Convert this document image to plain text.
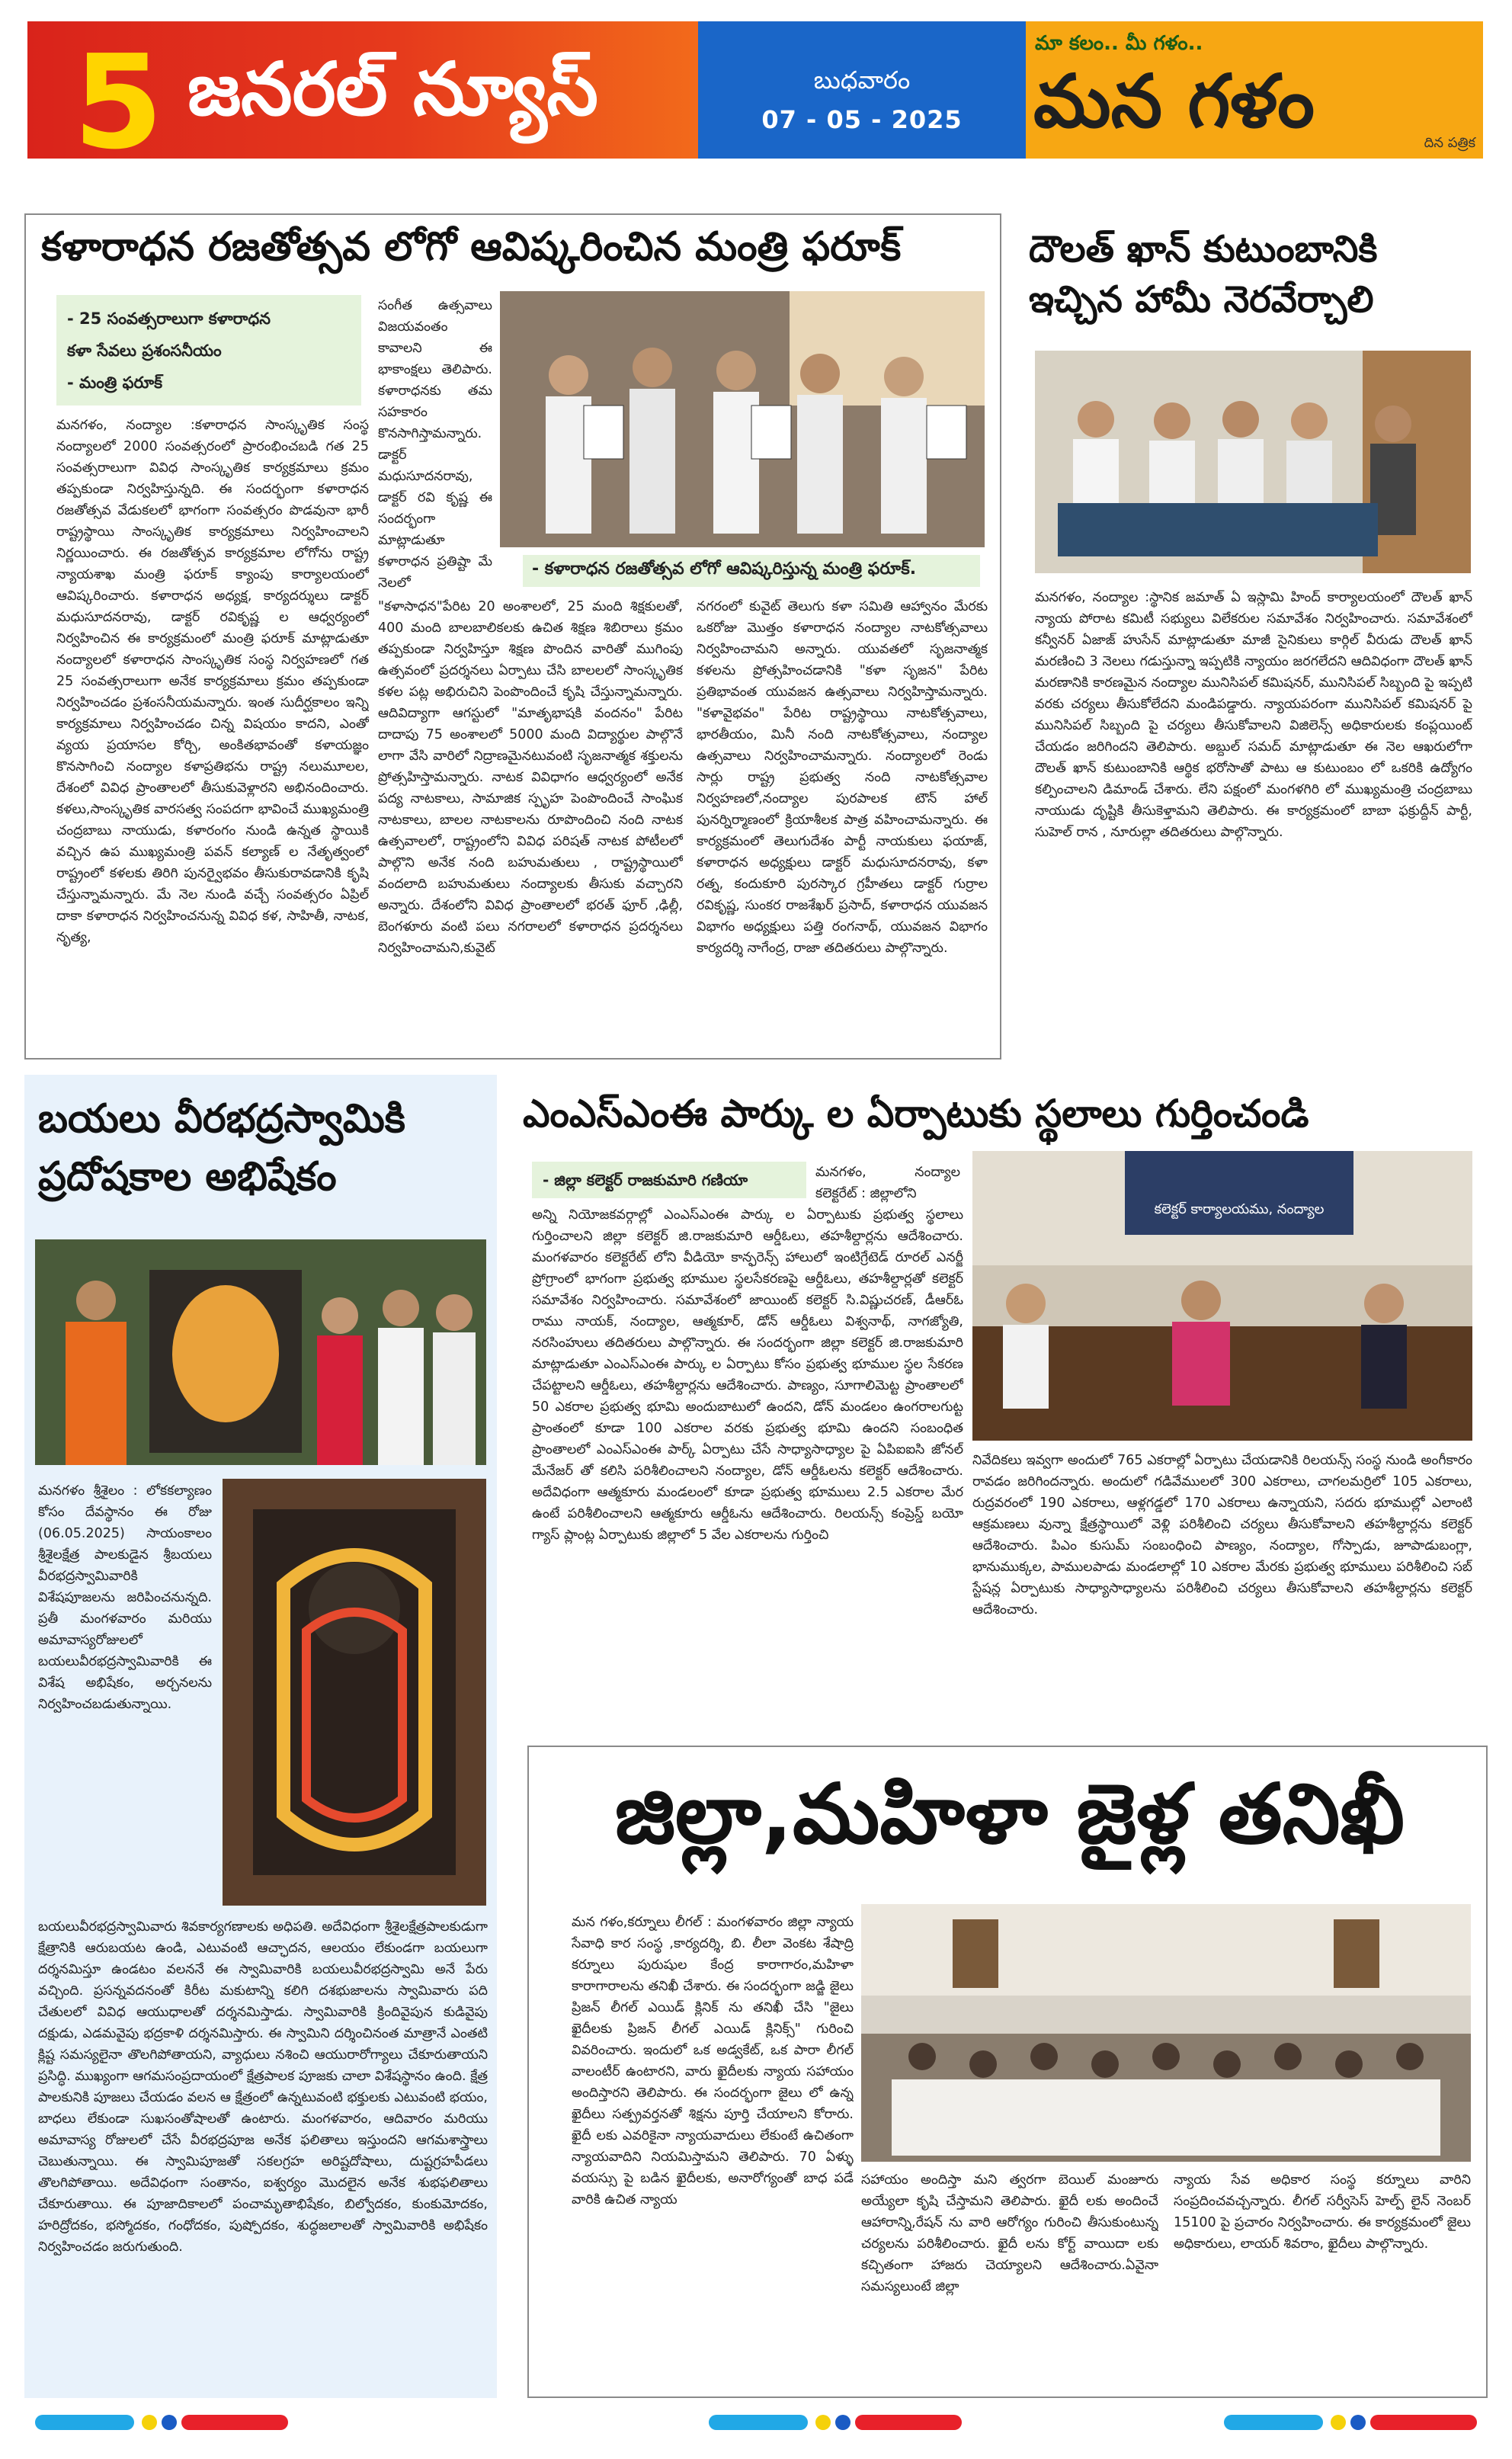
5 జనరల్ న్యూస్	బుధవారం
07 - 05 - 2025
మా కలం.. మీ గళం..
మన గళం	దిన పత్రిక
కళారాధన రజతోత్సవ లోగో ఆవిష్కరించిన మంత్రి ఫరూక్
- 25 సంవత్సరాలుగా కళారాధన
కళా సేవలు ప్రశంసనీయం
- మంత్రి ఫరూక్
మనగళం, నంద్యాల :కళారాధన సాంస్కృతిక సంస్థ నంద్యాలలో 2000 సంవత్సరంలో ప్రారంభించబడి గత 25 సంవత్సరాలుగా వివిధ సాంస్కృతిక కార్యక్రమాలు క్రమం తప్పకుండా నిర్వహిస్తున్నది. ఈ సందర్భంగా కళారాధన రజతోత్సవ వేడుకలలో భాగంగా సంవత్సరం పొడవునా భారీ రాష్ట్రస్థాయి సాంస్కృతిక కార్యక్రమాలు నిర్వహించాలని నిర్ణయించారు. ఈ రజతోత్సవ కార్యక్రమాల లోగోను రాష్ట్ర న్యాయశాఖ మంత్రి ఫరూక్ క్యాంపు కార్యాలయంలో ఆవిష్కరించారు. కళారాధన అధ్యక్ష, కార్యదర్శులు డాక్టర్ మధుసూదనరావు, డాక్టర్ రవికృష్ణ ల ఆధ్వర్యంలో నిర్వహించిన ఈ కార్యక్రమంలో మంత్రి ఫరూక్ మాట్లాడుతూ నంద్యాలలో కళారాధన సాంస్కృతిక సంస్థ నిర్వహణలో గత 25 సంవత్సరాలుగా అనేక కార్యక్రమాలు క్రమం తప్పకుండా నిర్వహించడం ప్రశంసనీయమన్నారు. ఇంత సుదీర్ఘకాలం ఇన్ని కార్యక్రమాలు నిర్వహించడం చిన్న విషయం కాదని, ఎంతో వ్యయ ప్రయాసల కోర్చి, అంకితభావంతో కళాయజ్ఞం కొనసాగించి నంద్యాల కళాప్రతిభను రాష్ట్ర నలుమూలల, దేశంలో వివిధ ప్రాంతాలలో తీసుకువెళ్లారని అభినందించారు. కళలు,సాంస్కృతిక వారసత్వ సంపదగా భావించే ముఖ్యమంత్రి చంద్రబాబు నాయుడు, కళారంగం నుండి ఉన్నత స్థాయికి వచ్చిన ఉప ముఖ్యమంత్రి పవన్ కల్యాణ్ ల నేతృత్వంలో రాష్ట్రంలో కళలకు తిరిగి పునర్వైభవం తీసుకురావడానికి కృషి చేస్తున్నామన్నారు. మే నెల నుండి వచ్చే సంవత్సరం ఏప్రిల్ దాకా కళారాధన నిర్వహించనున్న వివిధ కళ, సాహితీ, నాటక, నృత్య,
సంగీత ఉత్సవాలు విజయవంతం కావాలని ఈ భాకాంక్షలు తెలిపారు. కళారాధనకు తమ సహకారం కొనసాగిస్తామన్నారు. డాక్టర్ మధుసూదనరావు, డాక్టర్ రవి కృష్ణ ఈ సందర్భంగా మాట్లాడుతూ కళారాధన ప్రతిష్టా మే నెలలో
- కళారాధన రజతోత్సవ లోగో ఆవిష్కరిస్తున్న మంత్రి ఫరూక్.
"కళాసాధన"పేరిట 20 అంశాలలో, 25 మంది శిక్షకులతో, 400 మంది బాలబాలికలకు ఉచిత శిక్షణ శిబిరాలు క్రమం తప్పకుండా నిర్వహిస్తూ శిక్షణ పొందిన వారితో ముగింపు ఉత్సవంలో ప్రదర్శనలు ఏర్పాటు చేసి బాలలలో సాంస్కృతిక కళల పట్ల అభిరుచిని పెంపొందించే కృషి చేస్తున్నామన్నారు. ఆదివిద్యాగా ఆగస్టులో "మాతృభాషకి వందనం" పేరిట దాదాపు 75 అంశాలలో 5000 మంది విద్యార్థుల పాల్గొనే లాగా వేసి వారిలో నిద్రాణమైనటువంటి సృజనాత్మక శక్తులను ప్రోత్సహిస్తామన్నారు. నాటక వివిధాగం ఆధ్వర్యంలో అనేక పద్య నాటకాలు, సామాజిక స్పృహ పెంపొందించే సాంఘిక నాటకాలు, బాలల నాటకాలను రూపొందించి నంది నాటక ఉత్సవాలలో, రాష్ట్రంలోని వివిధ పరిషత్ నాటక పోటీలలో పాల్గొని అనేక నంది బహుమతులు , రాష్ట్రస్థాయిలో వందలాది బహుమతులు నంద్యాలకు తీసుకు వచ్చారని అన్నారు. దేశంలోని వివిధ ప్రాంతాలలో భరత్ ఫూర్ ,ఢిల్లీ, బెంగళూరు వంటి పలు నగరాలలో కళారాధన ప్రదర్శనలు నిర్వహించామని,కువైట్
నగరంలో కువైట్ తెలుగు కళా సమితి ఆహ్వానం మేరకు ఒకరోజు మొత్తం కళారాధన నంద్యాల నాటకోత్సవాలు నిర్వహించామని అన్నారు. యువతలో సృజనాత్మక కళలను ప్రోత్సహించడానికి "కళా సృజన" పేరిట ప్రతిభావంత యువజన ఉత్సవాలు నిర్వహిస్తామన్నారు. "కళావైభవం" పేరిట రాష్ట్రస్థాయి నాటకోత్సవాలు, భారతీయం, మినీ నంది నాటకోత్సవాలు, నంద్యాల ఉత్సవాలు నిర్వహించామన్నారు. నంద్యాలలో రెండు సార్లు రాష్ట్ర ప్రభుత్వ నంది నాటకోత్సవాల నిర్వహణలో,నంద్యాల పురపాలక టౌన్ హాల్ పునర్నిర్మాణంలో క్రియాశీలక పాత్ర వహించామన్నారు. ఈ కార్యక్రమంలో తెలుగుదేశం పార్టీ నాయకులు ఫయాజ్, కళారాధన అధ్యక్షులు డాక్టర్ మధుసూదనరావు, కళా రత్న, కందుకూరి పురస్కార గ్రహీతలు డాక్టర్ గుర్రాల రవికృష్ణ, సుంకర రాజశేఖర్ ప్రసాద్, కళారాధన యువజన విభాగం అధ్యక్షులు పత్తి రంగనాథ్, యువజన విభాగం కార్యదర్శి నాగేంద్ర, రాజా తదితరులు పాల్గొన్నారు.
దౌలత్ ఖాన్ కుటుంబానికి ఇచ్చిన హామీ నెరవేర్చాలి
మనగళం, నంద్యాల :స్థానిక జమాత్ ఏ ఇస్లామి హింద్ కార్యాలయంలో దౌలత్ ఖాన్ న్యాయ పోరాట కమిటీ సభ్యులు విలేకరుల సమావేశం నిర్వహించారు. సమావేశంలో కన్వీనర్ ఏజాజ్ హుసేన్ మాట్లాడుతూ మాజీ సైనికులు కార్గిల్ వీరుడు దౌలత్ ఖాన్ మరణించి 3 నెలలు గడుస్తున్నా ఇప్పటికి న్యాయం జరగలేదని ఆదివిధంగా దౌలత్ ఖాన్ మరణానికి కారణమైన నంద్యాల మునిసిపల్ కమిషనర్, మునిసిపల్ సిబ్బంది పై ఇప్పటి వరకు చర్యలు తీసుకోలేదని మండిపడ్డారు. న్యాయపరంగా మునిసిపల్ కమిషనర్ పై మునిసిపల్ సిబ్బంది పై చర్యలు తీసుకోవాలని విజిలెన్స్ అధికారులకు కంప్లయింట్ చేయడం జరిగిందని తెలిపారు. అబ్దుల్ సమద్ మాట్లాడుతూ ఈ నెల ఆఖరులోగా దౌలత్ ఖాన్ కుటుంబానికి ఆర్థిక భరోసాతో పాటు ఆ కుటుంబం లో ఒకరికి ఉద్యోగం కల్పించాలని డిమాండ్ చేశారు. లేని పక్షంలో మంగళగిరి లో ముఖ్యమంత్రి చంద్రబాబు నాయుడు దృష్టికి తీసుకెళ్తామని తెలిపారు. ఈ కార్యక్రమంలో బాబా ఫక్రుద్దీన్ పార్టీ, సుహెల్ రాన , నూరుల్లా తదితరులు పాల్గొన్నారు.
బయలు వీరభద్రస్వామికి ప్రదోషకాల అభిషేకం
మనగళం శ్రీశైలం : లోకకల్యాణం కోసం దేవస్థానం ఈ రోజు (06.05.2025) సాయంకాలం శ్రీశైలక్షేత్ర పాలకుడైన శ్రీబయలు వీరభద్రస్వామివారికి విశేషపూజలను జరిపించనున్నది. ప్రతీ మంగళవారం మరియు అమావాస్యరోజులలో బయలువీరభద్రస్వామివారికి ఈ విశేష అభిషేకం, అర్చనలను నిర్వహించబడుతున్నాయి.
బయలువీరభద్రస్వామివారు శివకార్యగణాలకు అధిపతి. అదేవిధంగా శ్రీశైలక్షేత్రపాలకుడుగా క్షేత్రానికి ఆరుబయట ఉండి, ఎటువంటి ఆచ్ఛాదన, ఆలయం లేకుండగా బయలుగా దర్శనమిస్తూ ఉండటం వలననే ఈ స్వామివారికి బయలువీరభద్రస్వామి అనే పేరు వచ్చింది. ప్రసన్నవదనంతో కిరీట మకుటాన్ని కలిగి దశభుజాలను స్వామివారు పది చేతులలో వివిధ ఆయుధాలతో దర్శనమిస్తాడు. స్వామివారికి క్రిందివైపున కుడివైపు దక్షుడు, ఎడమవైపు భద్రకాళి దర్శనమిస్తారు. ఈ స్వామిని దర్శించినంత మాత్రానే ఎంతటి క్లిష్ట సమస్యలైనా తొలగిపోతాయని, వ్యాధులు నశించి ఆయురారోగ్యాలు చేకూరుతాయని ప్రసిద్ధి. ముఖ్యంగా ఆగమసంప్రదాయంలో క్షేత్రపాలక పూజకు చాలా విశేషస్థానం ఉంది. క్షేత్ర పాలకునికి పూజలు చేయడం వలన ఆ క్షేత్రంలో ఉన్నటువంటి భక్తులకు ఎటువంటి భయం, బాధలు లేకుండా సుఖసంతోషాలతో ఉంటారు. మంగళవారం, ఆదివారం మరియు అమావాస్య రోజులలో చేసే వీరభద్రపూజ అనేక ఫలితాలు ఇస్తుందని ఆగమశాస్త్రాలు చెబుతున్నాయి. ఈ స్వామిపూజతో సకలగ్రహ అరిష్టదోషాలు, దుష్టగ్రహపీడలు తొలగిపోతాయి. అదేవిధంగా సంతానం, ఐశ్వర్యం మొదలైన అనేక శుభఫలితాలు చేకూరుతాయి. ఈ పూజాదికాలలో పంచామృతాభిషేకం, బిల్వోదకం, కుంకుమోదకం, హరిద్రోదకం, భస్మోదకం, గంధోదకం, పుష్పోదకం, శుద్ధజలాలతో స్వామివారికి అభిషేకం నిర్వహించడం జరుగుతుంది.
ఎంఎస్ఎంఈ పార్కు ల ఏర్పాటుకు స్థలాలు గుర్తించండి
- జిల్లా కలెక్టర్ రాజకుమారి గణియా	మనగళం, నంద్యాల కలెక్టరేట్ : జిల్లాలోని
కలెక్టర్ కార్యాలయము, నంద్యాల
అన్ని నియోజకవర్గాల్లో ఎంఎస్ఎంఈ పార్కు ల ఏర్పాటుకు ప్రభుత్వ స్థలాలు గుర్తించాలని జిల్లా కలెక్టర్ జి.రాజకుమారి ఆర్డీఓలు, తహశీల్దార్లను ఆదేశించారు. మంగళవారం కలెక్టరేట్ లోని వీడియో కాన్ఫరెన్స్ హాలులో ఇంటిగ్రేటెడ్ రూరల్ ఎనర్జీ ప్రోగ్రాంలో భాగంగా ప్రభుత్వ భూముల స్థలసేకరణపై ఆర్డీఓలు, తహశీల్దార్లతో కలెక్టర్ సమావేశం నిర్వహించారు. సమావేశంలో జాయింట్ కలెక్టర్ సి.విష్ణుచరణ్, డీఆర్ఓ రాము నాయక్, నంద్యాల, ఆత్మకూర్, డోన్ ఆర్డీఓలు విశ్వనాథ్, నాగజ్యోతి, నరసింహులు తదితరులు పాల్గొన్నారు. ఈ సందర్భంగా జిల్లా కలెక్టర్ జి.రాజకుమారి మాట్లాడుతూ ఎంఎస్ఎంఈ పార్కు ల ఏర్పాటు కోసం ప్రభుత్వ భూముల స్థల సేకరణ చేపట్టాలని ఆర్డీఓలు, తహశీల్దార్లను ఆదేశించారు. పాణ్యం, సూగాలిమెట్ట ప్రాంతాలలో 50 ఎకరాల ప్రభుత్వ భూమి అందుబాటులో ఉందని, డోన్ మండలం ఉంగరాలగుట్ట ప్రాంతంలో కూడా 100 ఎకరాల వరకు ప్రభుత్వ భూమి ఉందని సంబంధిత ప్రాంతాలలో ఎంఎస్ఎంఈ పార్క్ ఏర్పాటు చేసే సాధ్యాసాధ్యాల పై ఏపిఐఐసి జోనల్ మేనేజర్ తో కలిసి పరిశీలించాలని నంద్యాల, డోన్ ఆర్డీఓలను కలెక్టర్ ఆదేశించారు. అదేవిధంగా ఆత్మకూరు మండలంలో కూడా ప్రభుత్వ భూములు 2.5 ఎకరాల మేర ఉంటే పరిశీలించాలని ఆత్మకూరు ఆర్డీఓను ఆదేశించారు. రిలయన్స్ కంప్రెస్డ్ బయో గ్యాస్ ప్లాంట్ల ఏర్పాటుకు జిల్లాలో 5 వేల ఎకరాలను గుర్తించి
నివేదికలు ఇవ్వగా అందులో 765 ఎకరాల్లో ఏర్పాటు చేయడానికి రిలయన్స్ సంస్థ నుండి అంగీకారం రావడం జరిగిందన్నారు. అందులో గడివేములలో 300 ఎకరాలు, చాగలమర్రిలో 105 ఎకరాలు, రుద్రవరంలో 190 ఎకరాలు, ఆళ్లగడ్డలో 170 ఎకరాలు ఉన్నాయని, సదరు భూముల్లో ఎలాంటి ఆక్రమణలు వున్నా క్షేత్రస్థాయిలో వెళ్లి పరిశీలించి చర్యలు తీసుకోవాలని తహశీల్దార్లను కలెక్టర్ ఆదేశించారు. పిఎం కుసుమ్ సంబంధించి పాణ్యం, నంద్యాల, గోస్పాడు, జూపాడుబంగ్లా, భానుముక్కల, పాములపాడు మండలాల్లో 10 ఎకరాల మేరకు ప్రభుత్వ భూములు పరిశీలించి సబ్ స్టేషన్ల ఏర్పాటుకు సాధ్యాసాధ్యాలను పరిశీలించి చర్యలు తీసుకోవాలని తహశీల్దార్లను కలెక్టర్ ఆదేశించారు.
జిల్లా,మహిళా జైళ్ల తనిఖీ
మన గళం,కర్నూలు లీగల్ : మంగళవారం జిల్లా న్యాయ సేవాధి కార సంస్థ ,కార్యదర్శి, బి. లీలా వెంకట శేషాద్రి కర్నూలు పురుషుల కేంద్ర కారాగారం,మహిళా కారాగారాలను తనిఖీ చేశారు. ఈ సందర్భంగా జడ్జి జైలు ప్రిజన్ లీగల్ ఎయిడ్ క్లినిక్ ను తనిఖీ చేసి "జైలు ఖైదీలకు ప్రిజన్ లీగల్ ఎయిడ్ క్లినిక్స్" గురించి వివరించారు. ఇందులో ఒక అడ్వకేట్, ఒక పారా లీగల్ వాలంటీర్ ఉంటారని, వారు ఖైదీలకు న్యాయ సహాయం అందిస్తారని తెలిపారు. ఈ సందర్భంగా జైలు లో ఉన్న ఖైదీలు సత్ప్రవర్తనతో శిక్షను పూర్తి చేయాలని కోరారు. ఖైదీ లకు ఎవరికైనా న్యాయవాదులు లేకుంటే ఉచితంగా న్యాయవాదిని నియమిస్తామని తెలిపారు. 70 ఏళ్ళు వయస్సు పై బడిన ఖైదీలకు, అనారోగ్యంతో బాధ పడే వారికి ఉచిత న్యాయ
సహాయం అందిస్తా మని త్వరగా బెయిల్ మంజూరు అయ్యేలా కృషి చేస్తామని తెలిపారు. ఖైదీ లకు అందించే ఆహారాన్ని,రేషన్ ను వారి ఆరోగ్యం గురించి తీసుకుంటున్న చర్యలను పరిశీలించారు. ఖైదీ లను కోర్ట్ వాయిదా లకు కచ్చితంగా హాజరు చెయ్యాలని ఆదేశించారు.ఏవైనా సమస్యలుంటే జిల్లా
న్యాయ సేవ అధికార సంస్థ కర్నూలు వారిని సంప్రదించవచ్చన్నారు. లీగల్ సర్వీసెస్ హెల్ప్ లైన్ నెంబర్ 15100 పై ప్రచారం నిర్వహించారు. ఈ కార్యక్రమంలో జైలు అధికారులు, లాయర్ శివరాం, ఖైదీలు పాల్గొన్నారు.
